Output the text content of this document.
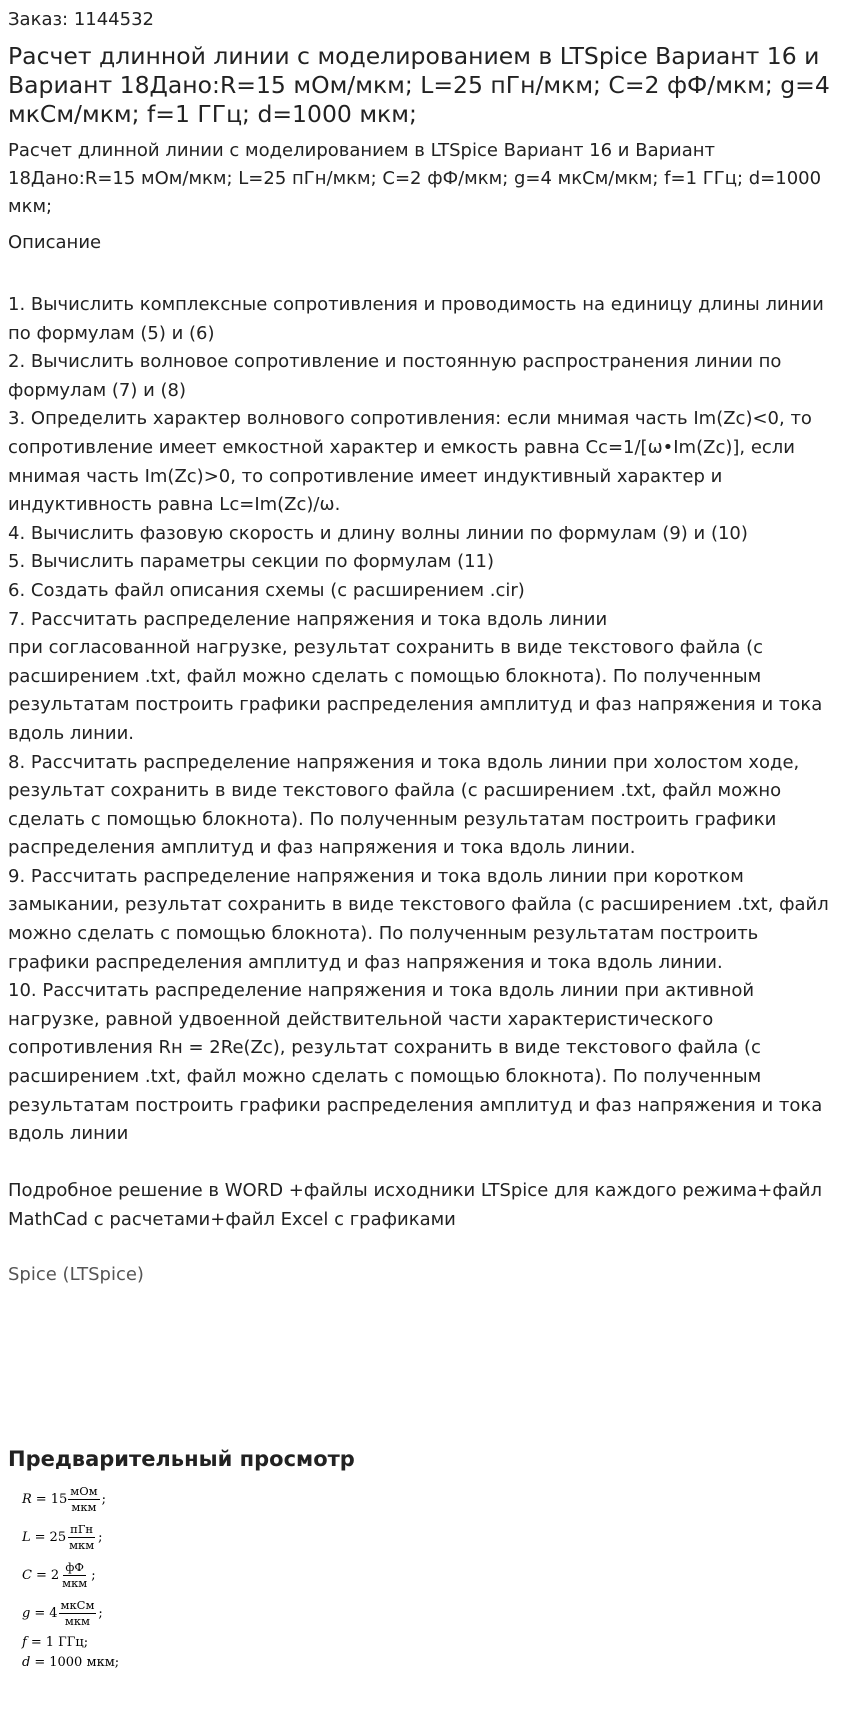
Заказ: 1144532
Расчет длинной линии с моделированием в LTSpice Вариант 16 и Вариант 18Дано:R=15 мОм/мкм; L=25 пГн/мкм; C=2 фФ/мкм; g=4 мкСм/мкм; f=1 ГГц; d=1000 мкм;
Расчет длинной линии с моделированием в LTSpice Вариант 16 и Вариант 18Дано:R=15 мОм/мкм; L=25 пГн/мкм; C=2 фФ/мкм; g=4 мкСм/мкм; f=1 ГГц; d=1000 мкм;
Описание
1. Вычислить комплексные сопротивления и проводимость на единицу длины линии по формулам (5) и (6)
2. Вычислить волновое сопротивление и постоянную распространения линии по формулам (7) и (8)
3. Определить характер волнового сопротивления: если мнимая часть Im(Zc)<0, то сопротивление имеет емкостной характер и емкость равна Cc=1/[ω•Im(Zc)], если мнимая часть Im(Zc)>0, то сопротивление имеет индуктивный характер и индуктивность равна Lc=Im(Zc)/ω.
4. Вычислить фазовую скорость и длину волны линии по формулам (9) и (10)
5. Вычислить параметры секции по формулам (11)
6. Создать файл описания схемы (с расширением .cir)
7. Рассчитать распределение напряжения и тока вдоль линии
при согласованной нагрузке, результат сохранить в виде текстового файла (с расширением .txt, файл можно сделать с помощью блокнота). По полученным результатам построить графики распределения амплитуд и фаз напряжения и тока вдоль линии.
8. Рассчитать распределение напряжения и тока вдоль линии при холостом ходе, результат сохранить в виде текстового файла (с расширением .txt, файл можно сделать с помощью блокнота). По полученным результатам построить графики распределения амплитуд и фаз напряжения и тока вдоль линии.
9. Рассчитать распределение напряжения и тока вдоль линии при коротком замыкании, результат сохранить в виде текстового файла (с расширением .txt, файл можно сделать с помощью блокнота). По полученным результатам построить графики распределения амплитуд и фаз напряжения и тока вдоль линии.
10. Рассчитать распределение напряжения и тока вдоль линии при активной нагрузке, равной удвоенной действительной части характеристического сопротивления Rн = 2Re(Zc), результат сохранить в виде текстового файла (с расширением .txt, файл можно сделать с помощью блокнота). По полученным результатам построить графики распределения амплитуд и фаз напряжения и тока вдоль линии

Подробное решение в WORD +файлы исходники LTSpice для каждого режима+файл MathCad с расчетами+файл Excel с графиками
Spice (LTSpice)
Предварительный просмотр
$R = 15 \frac{\text{мОм}}{\text{мкм}}$ ;
$L = 25 \frac{\text{пГн}}{\text{мкм}}$ ;
$C = 2 \frac{фФ}{\text{мкм}}$ ;
$g = 4 \frac{\text{мкСм}}{\text{мкм}}$ ;
f = 1 ГГц;
d = 1000 мкм;
